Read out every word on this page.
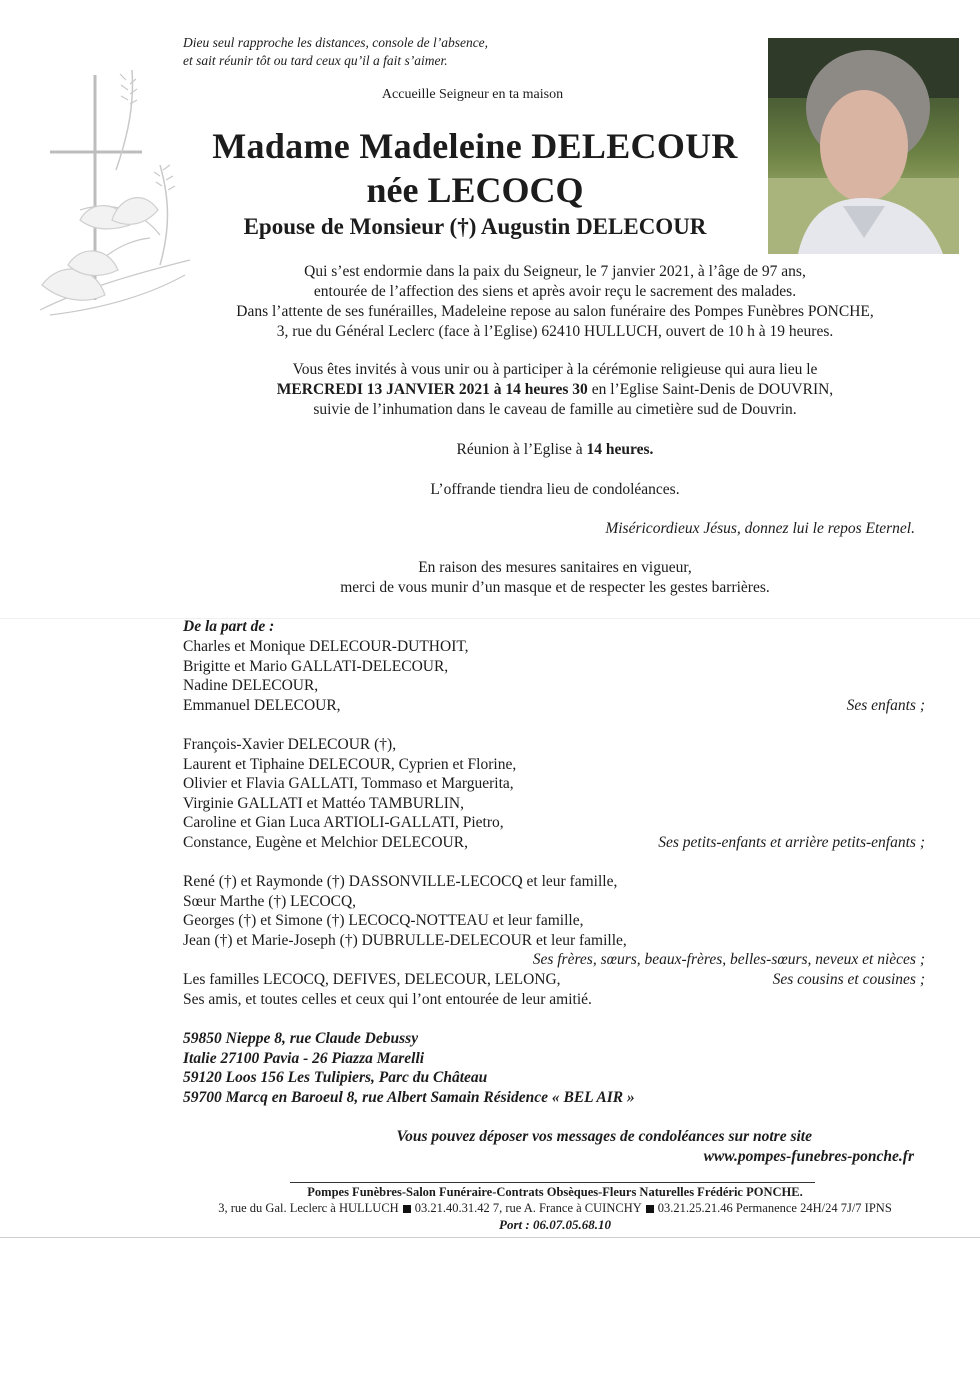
Dieu seul rapproche les distances, console de l’absence,
et sait réunir tôt ou tard ceux qu’il a fait s’aimer.
Accueille Seigneur en ta maison
Madame Madeleine DELECOUR
née LECOCQ
Epouse de Monsieur (†) Augustin DELECOUR
Qui s’est endormie dans la paix du Seigneur, le 7 janvier 2021, à l’âge de 97 ans,
entourée de l’affection des siens et après avoir reçu le sacrement des malades.
Dans l’attente de ses funérailles, Madeleine repose au salon funéraire des Pompes Funèbres PONCHE,
3, rue du Général Leclerc (face à l’Eglise) 62410 HULLUCH, ouvert de 10 h à 19 heures.
Vous êtes invités à vous unir ou à participer à la cérémonie religieuse qui aura lieu le
MERCREDI 13 JANVIER 2021 à 14 heures 30 en l’Eglise Saint-Denis de DOUVRIN,
suivie de l’inhumation dans le caveau de famille au cimetière sud de Douvrin.
Réunion à l’Eglise à 14 heures.
L’offrande tiendra lieu de condoléances.
Miséricordieux Jésus, donnez lui le repos Eternel.
En raison des mesures sanitaires en vigueur,
merci de vous munir d’un masque et de respecter les gestes barrières.
De la part de :
Charles et Monique DELECOUR-DUTHOIT,
Brigitte et Mario GALLATI-DELECOUR,
Nadine DELECOUR,
Emmanuel DELECOUR,	Ses enfants ;
François-Xavier DELECOUR (†),
Laurent et Tiphaine DELECOUR, Cyprien et Florine,
Olivier et Flavia GALLATI, Tommaso et Marguerita,
Virginie GALLATI et Mattéo TAMBURLIN,
Caroline et Gian Luca ARTIOLI-GALLATI, Pietro,
Constance, Eugène et Melchior DELECOUR,	Ses petits-enfants et arrière petits-enfants ;
René (†) et Raymonde (†) DASSONVILLE-LECOCQ et leur famille,
Sœur Marthe (†) LECOCQ,
Georges (†) et Simone (†) LECOCQ-NOTTEAU et leur famille,
Jean (†) et Marie-Joseph (†) DUBRULLE-DELECOUR et leur famille,
Ses frères, sœurs, beaux-frères, belles-sœurs, neveux et nièces ;
Les familles LECOCQ, DEFIVES, DELECOUR, LELONG,	Ses cousins et cousines ;
Ses amis, et toutes celles et ceux qui l’ont entourée de leur amitié.
59850 Nieppe 8, rue Claude Debussy
Italie 27100 Pavia - 26 Piazza Marelli
59120 Loos 156 Les Tulipiers, Parc du Château
59700 Marcq en Baroeul 8, rue Albert Samain Résidence « BEL AIR »
Vous pouvez déposer vos messages de condoléances sur notre site
www.pompes-funebres-ponche.fr
Pompes Funèbres-Salon Funéraire-Contrats Obsèques-Fleurs Naturelles Frédéric PONCHE.
3, rue du Gal. Leclerc à HULLUCH 03.21.40.31.42 7, rue A. France à CUINCHY 03.21.25.21.46 Permanence 24H/24 7J/7 IPNS
Port : 06.07.05.68.10
